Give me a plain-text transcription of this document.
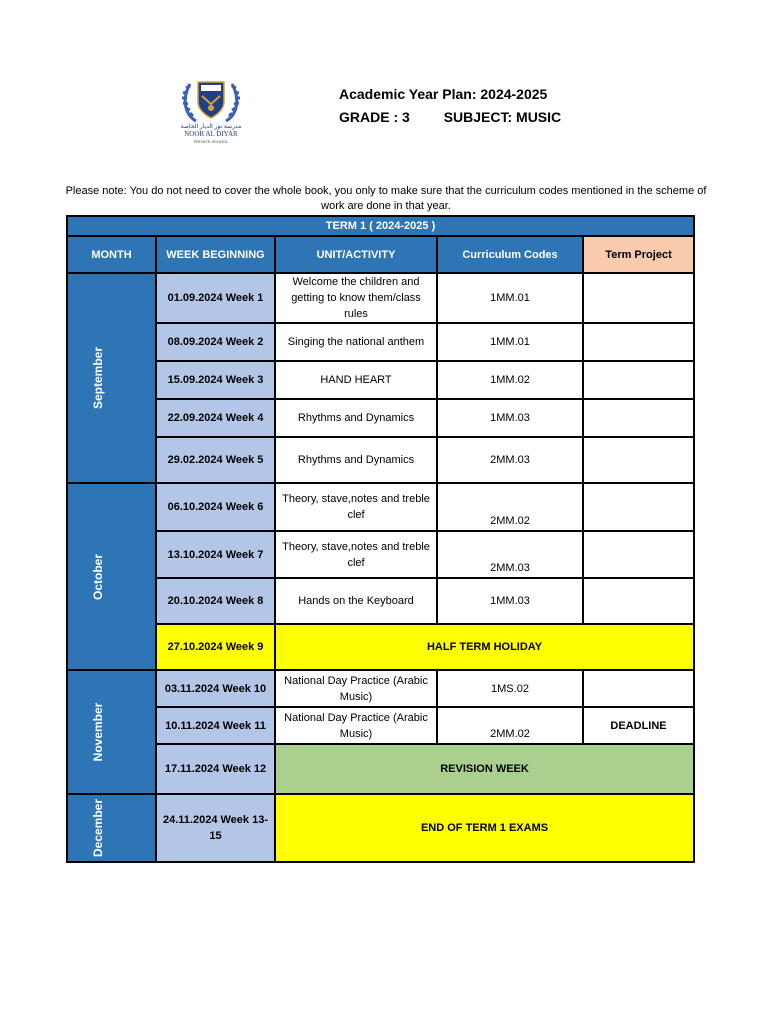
مدرسة نور الديار الخاصة
NOOR AL DIYAR
PRIVATE SCHOOL
Academic Year Plan: 2024-2025
GRADE : 3 SUBJECT: MUSIC
Please note: You do not need to cover the whole book, you only to make sure that the curriculum codes mentioned in the scheme of work are done in that year.
TERM 1 ( 2024-2025 )				
MONTH	WEEK BEGINNING	UNIT/ACTIVITY	Curriculum Codes	Term Project

September	01.09.2024 Week 1	Welcome the children and getting to know them/class rules	1MM.01	
	08.09.2024 Week 2	Singing the national anthem	1MM.01	
	15.09.2024 Week 3	HAND HEART	1MM.02	
	22.09.2024 Week 4	Rhythms and Dynamics	1MM.03	
	29.02.2024 Week 5	Rhythms and Dynamics	2MM.03	

October	06.10.2024 Week 6	Theory, stave,notes and treble clef	2MM.02	
	13.10.2024 Week 7	Theory, stave,notes and treble clef	2MM.03	
	20.10.2024 Week 8	Hands on the Keyboard	1MM.03	
	27.10.2024 Week 9	HALF TERM HOLIDAY		

November	03.11.2024 Week 10	National Day Practice (Arabic Music)	1MS.02	
	10.11.2024 Week 11	National Day Practice (Arabic Music)	2MM.02	DEADLINE
	17.11.2024 Week 12	REVISION WEEK		

December	24.11.2024 Week 13-15	END OF TERM 1 EXAMS		
